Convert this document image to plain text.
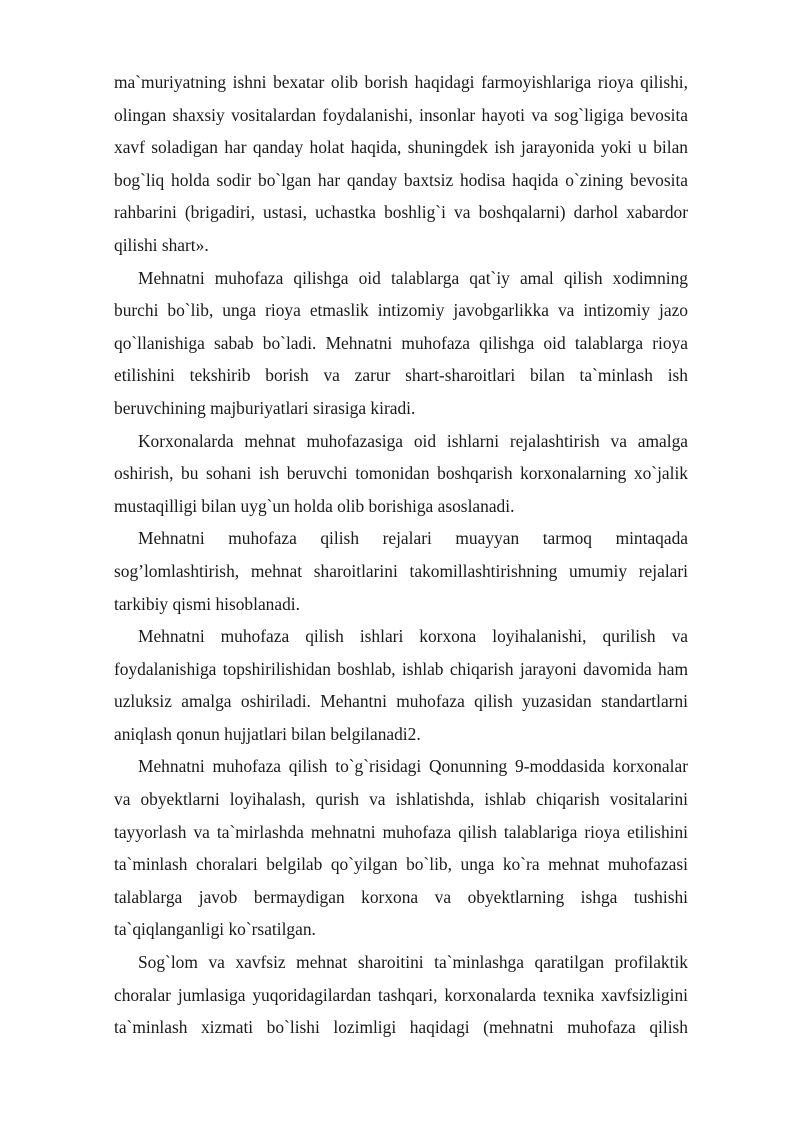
ma`muriyatning ishni bexatar olib borish haqidagi farmoyishlariga rioya qilishi, olingan shaxsiy vositalardan foydalanishi, insonlar hayoti va sog`ligiga bevosita xavf soladigan har qanday holat haqida, shuningdek ish jarayonida yoki u bilan bog`liq holda sodir bo`lgan har qanday baxtsiz hodisa haqida o`zining bevosita rahbarini (brigadiri, ustasi, uchastka boshlig`i va boshqalarni) darhol xabardor qilishi shart».

Mehnatni muhofaza qilishga oid talablarga qat`iy amal qilish xodimning burchi bo`lib, unga rioya etmaslik intizomiy javobgarlikka va intizomiy jazo qo`llanishiga sabab bo`ladi. Mehnatni muhofaza qilishga oid talablarga rioya etilishini tekshirib borish va zarur shart-sharoitlari bilan ta`minlash ish beruvchining majburiyatlari sirasiga kiradi.

Korxonalarda mehnat muhofazasiga oid ishlarni rejalashtirish va amalga oshirish, bu sohani ish beruvchi tomonidan boshqarish korxonalarning xo`jalik mustaqilligi bilan uyg`un holda olib borishiga asoslanadi.

Mehnatni muhofaza qilish rejalari muayyan tarmoq mintaqada sog’lomlashtirish, mehnat sharoitlarini takomillashtirishning umumiy rejalari tarkibiy qismi hisoblanadi.

Mehnatni muhofaza qilish ishlari korxona loyihalanishi, qurilish va foydalanishiga topshirilishidan boshlab, ishlab chiqarish jarayoni davomida ham uzluksiz amalga oshiriladi. Mehantni muhofaza qilish yuzasidan standartlarni aniqlash qonun hujjatlari bilan belgilanadi2.

Mehnatni muhofaza qilish to`g`risidagi Qonunning 9-moddasida korxonalar va obyektlarni loyihalash, qurish va ishlatishda, ishlab chiqarish vositalarini tayyorlash va ta`mirlashda mehnatni muhofaza qilish talablariga rioya etilishini ta`minlash choralari belgilab qo`yilgan bo`lib, unga ko`ra mehnat muhofazasi talablarga javob bermaydigan korxona va obyektlarning ishga tushishi ta`qiqlanganligi ko`rsatilgan.

Sog`lom va xavfsiz mehnat sharoitini ta`minlashga qaratilgan profilaktik choralar jumlasiga yuqoridagilardan tashqari, korxonalarda texnika xavfsizligini ta`minlash xizmati bo`lishi lozimligi haqidagi (mehnatni muhofaza qilish
